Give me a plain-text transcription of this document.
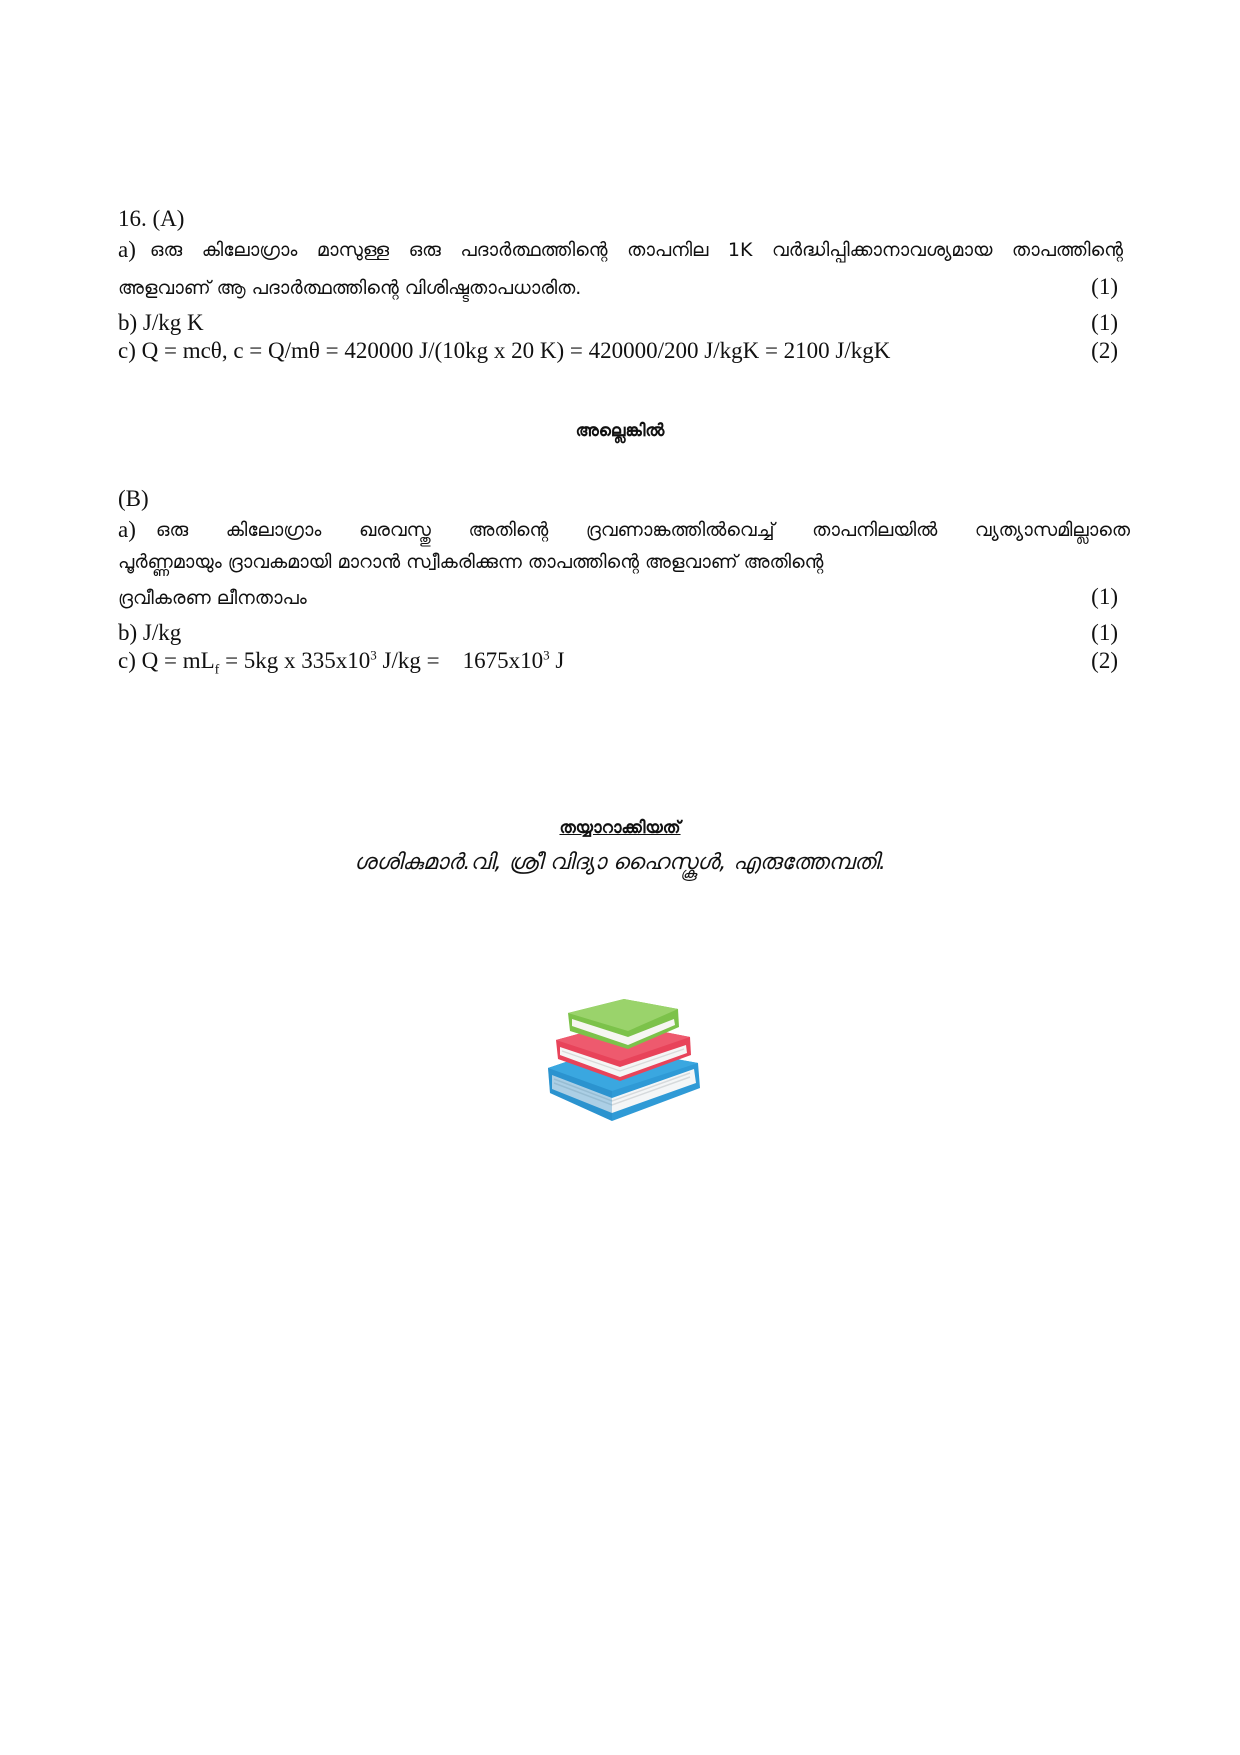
16. (A)
a) ഒരു കിലോഗ്രാം മാസുള്ള ഒരു പദാർത്ഥത്തിന്റെ താപനില 1K വർദ്ധിപ്പിക്കാനാവശ്യമായ താപത്തിന്റെ
അളവാണ് ആ പദാർത്ഥത്തിന്റെ വിശിഷ്ടതാപധാരിത.	(1)
b) J/kg K	(1)
c) Q = mcθ, c = Q/mθ = 420000 J/(10kg x 20 K) = 420000/200 J/kgK = 2100 J/kgK	(2)
അല്ലെങ്കിൽ
(B)
a) ഒരു കിലോഗ്രാം ഖരവസ്തു അതിന്റെ ദ്രവണാങ്കത്തിൽവെച്ച് താപനിലയിൽ വ്യത്യാസമില്ലാതെ
പൂർണ്ണമായും ദ്രാവകമായി മാറാൻ സ്വീകരിക്കുന്ന താപത്തിന്റെ അളവാണ് അതിന്റെ
ദ്രവീകരണ ലീനതാപം	(1)
b) J/kg	(1)
c) $Q = mL_f = 5kg$ x $335x10^3$ J/kg =    $1675x10^3$ J	(2)
തയ്യാറാക്കിയത്
ശശികുമാർ.വി, ശ്രീ വിദ്യാ ഹൈസ്കൂൾ, എരുത്തേമ്പതി.
